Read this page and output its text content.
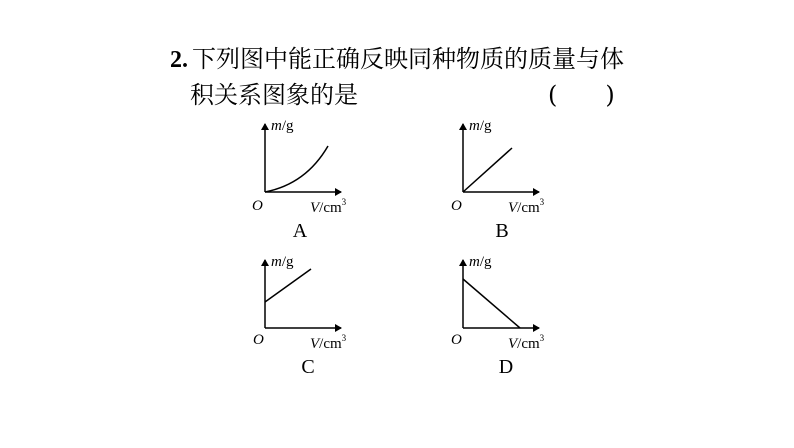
2. 下列图中能正确反映同种物质的质量与体
积关系图象的是	(　　)
m/g
$V/cm^3$
O
A
m/g
$V/cm^3$
O
B
m/g
$V/cm^3$
O
C
m/g
$V/cm^3$
O
D
